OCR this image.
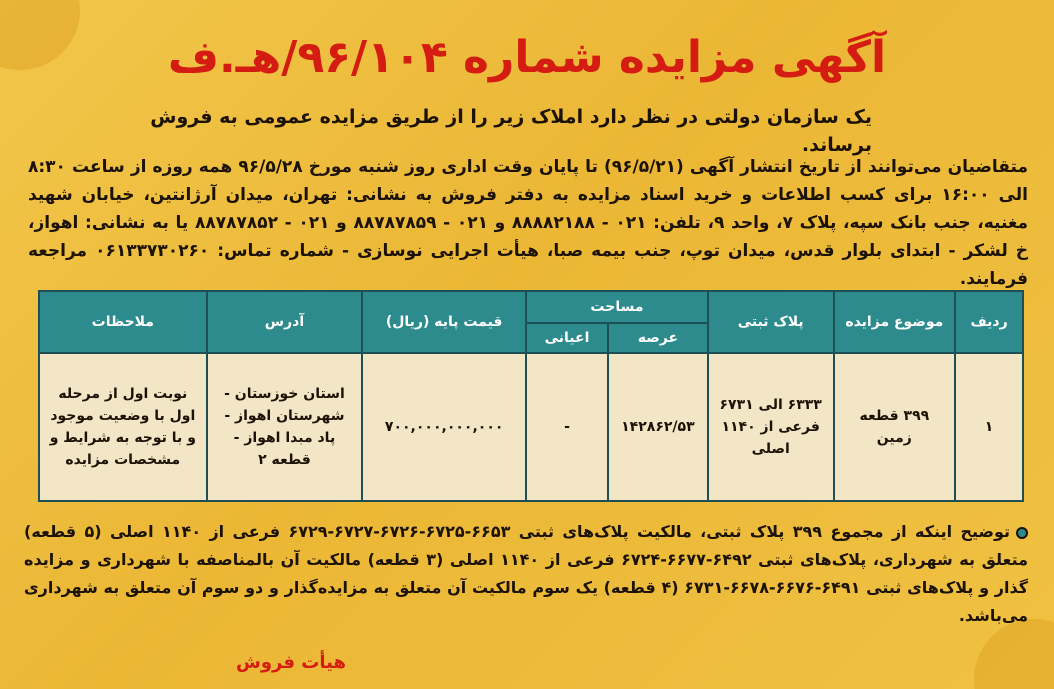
آگهی مزایده شماره ۹۶/۱۰۴/هـ.ف

یک سازمان دولتی در نظر دارد املاک زیر را از طریق مزایده عمومی به فروش برساند.

متقاضیان می‌توانند از تاریخ انتشار آگهی (۹۶/۵/۲۱) تا پایان وقت اداری روز شنبه مورخ ۹۶/۵/۲۸ همه روزه از ساعت ۸:۳۰ الی ۱۶:۰۰ برای کسب اطلاعات و خرید اسناد مزایده به دفتر فروش به نشانی: تهران، میدان آرژانتین، خیابان شهید مغنیه، جنب بانک سپه، پلاک ۷، واحد ۹، تلفن: ۰۲۱ - ۸۸۸۸۲۱۸۸ و ۰۲۱ - ۸۸۷۸۷۸۵۹ و ۰۲۱ - ۸۸۷۸۷۸۵۲ یا به نشانی: اهواز، خ لشکر - ابتدای بلوار قدس، میدان توپ، جنب بیمه صبا، هیأت اجرایی نوسازی - شماره تماس: ۰۶۱۳۳۷۳۰۲۶۰ مراجعه فرمایند.

ردیف	موضوع مزایده	پلاک ثبتی	مساحت		قیمت پایه (ریال)	آدرس	ملاحظات
			عرصه	اعیانی			
۱	۳۹۹ قطعه زمین	۶۳۳۳ الی ۶۷۳۱ فرعی از ۱۱۴۰ اصلی	۱۴۲۸۶۲/۵۳	-	۷۰۰,۰۰۰,۰۰۰,۰۰۰	استان خوزستان - شهرستان اهواز - پاد مبدا اهواز - قطعه ۲	نوبت اول از مرحله اول با وضعیت موجود و با توجه به شرایط و مشخصات مزایده

توضیح اینکه از مجموع ۳۹۹ پلاک ثبتی، مالکیت پلاک‌های ثبتی ۶۶۵۳-۶۷۲۵-۶۷۲۶-۶۷۲۷-۶۷۲۹ فرعی از ۱۱۴۰ اصلی (۵ قطعه) متعلق به شهرداری، پلاک‌های ثبتی ۶۴۹۲-۶۶۷۷-۶۷۲۴ فرعی از ۱۱۴۰ اصلی (۳ قطعه) مالکیت آن بالمناصفه با شهرداری و مزایده گذار و پلاک‌های ثبتی ۶۴۹۱-۶۶۷۶-۶۶۷۸-۶۷۳۱ (۴ قطعه) یک سوم مالکیت آن متعلق به مزایده‌گذار و دو سوم آن متعلق به شهرداری می‌باشد.

هیأت فروش
